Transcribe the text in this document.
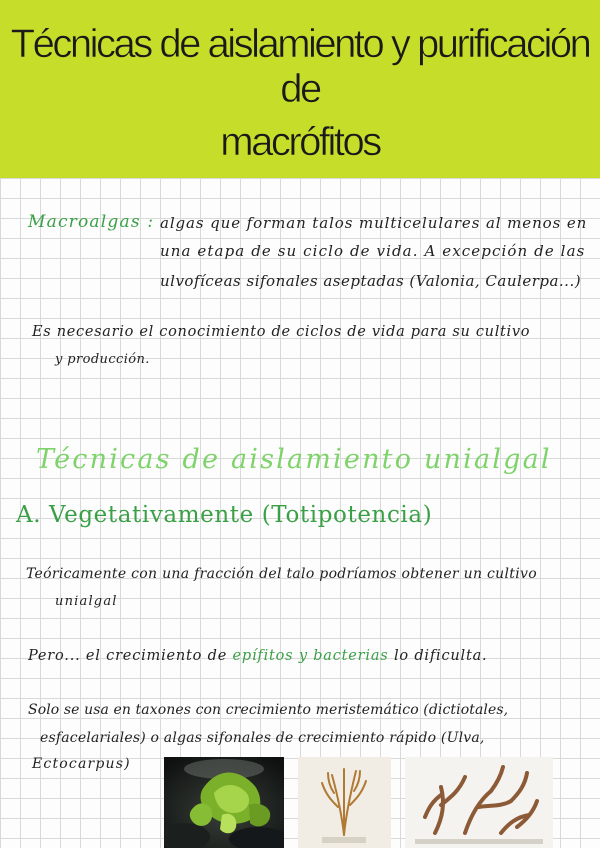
Técnicas de aislamiento y purificación de
macrófitos
Macroalgas : algas que forman talos multicelulares al menos en
una etapa de su ciclo de vida. A excepción de las
ulvofíceas sifonales aseptadas (Valonia, Caulerpa...)
Es necesario el conocimiento de ciclos de vida para su cultivo
y producción.
Técnicas de aislamiento unialgal
A. Vegetativamente (Totipotencia)
Teóricamente con una fracción del talo podríamos obtener un cultivo
unialgal
Pero... el crecimiento de epífitos y bacterias lo dificulta.
Solo se usa en taxones con crecimiento meristemático (dictiotales,
esfacelariales) o algas sifonales de crecimiento rápido (Ulva,
Ectocarpus)
